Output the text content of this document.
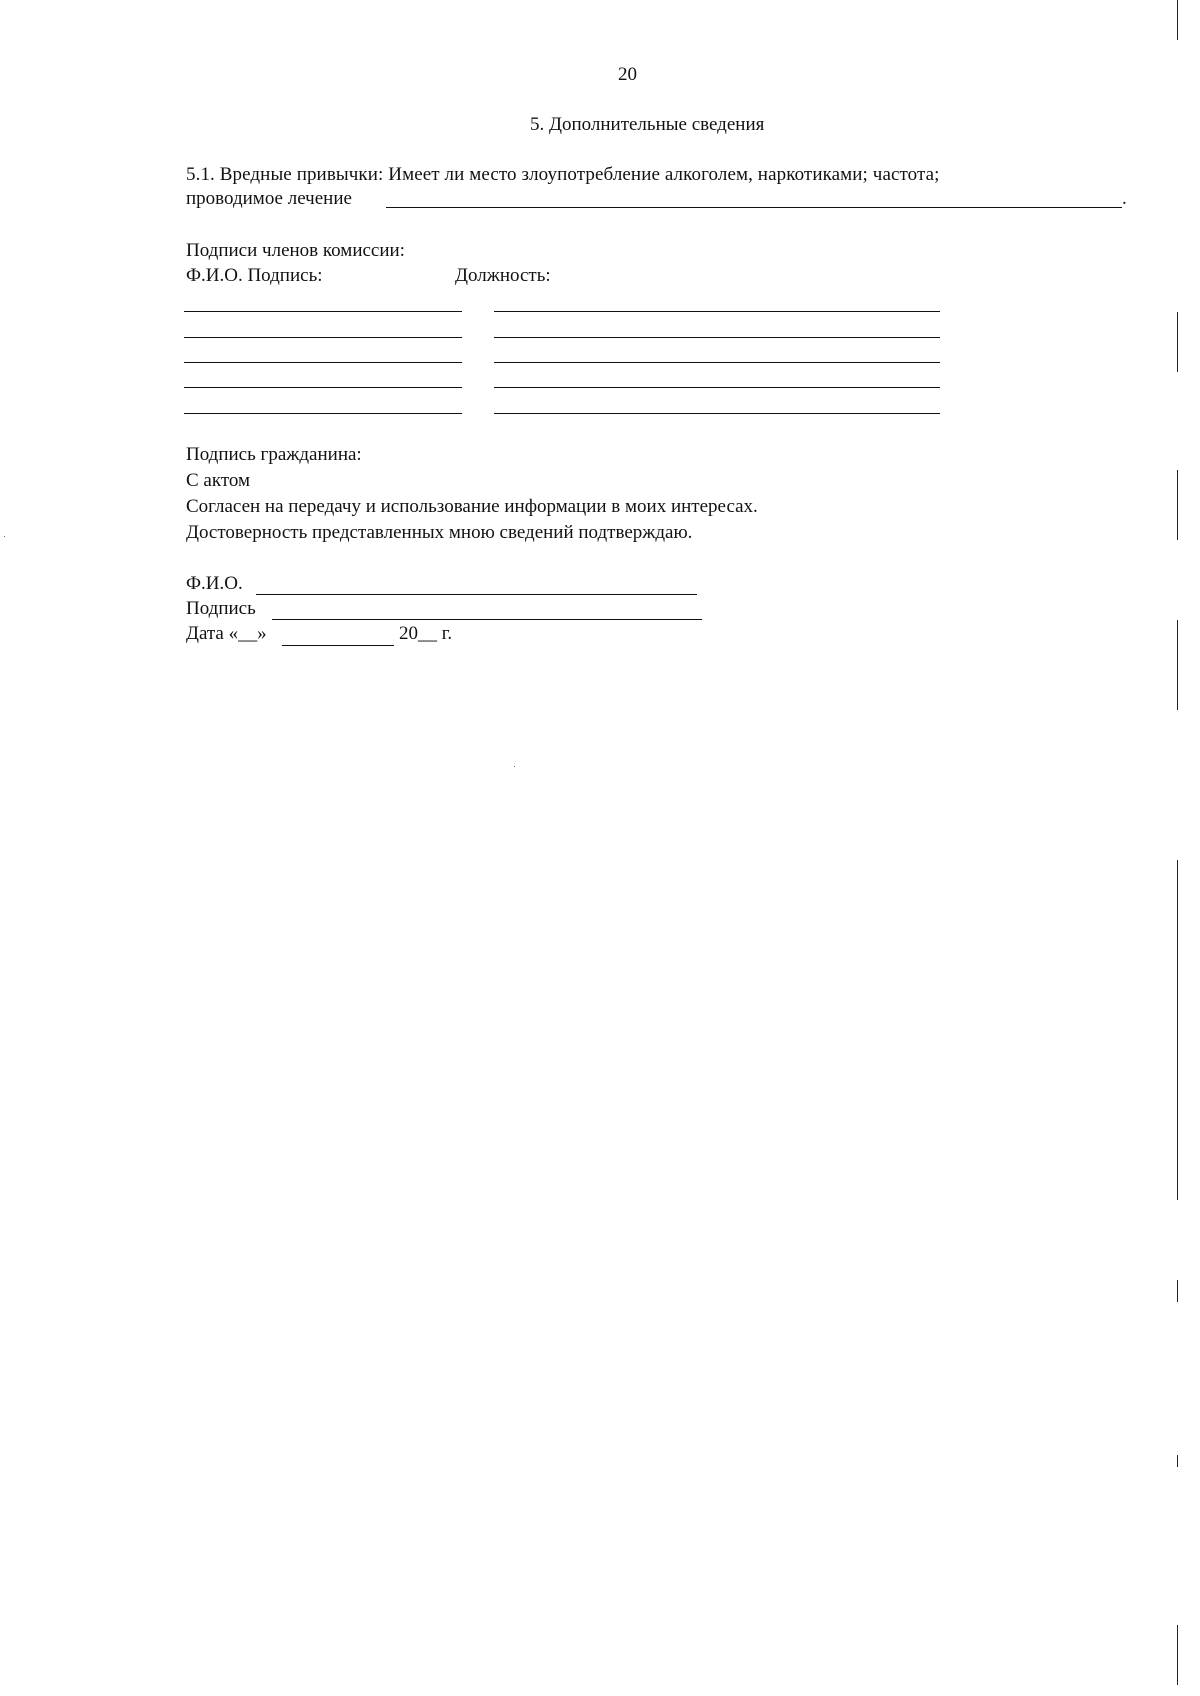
20
5. Дополнительные сведения
5.1. Вредные привычки: Имеет ли место злоупотребление алкоголем, наркотиками; частота;
проводимое лечение	.
Подписи членов комиссии:
Ф.И.О. Подпись:	Должность:
Подпись гражданина:
С актом
Согласен на передачу и использование информации в моих интересах.
Достоверность представленных мною сведений подтверждаю.
Ф.И.О.
Подпись
Дата «__»	20__ г.
